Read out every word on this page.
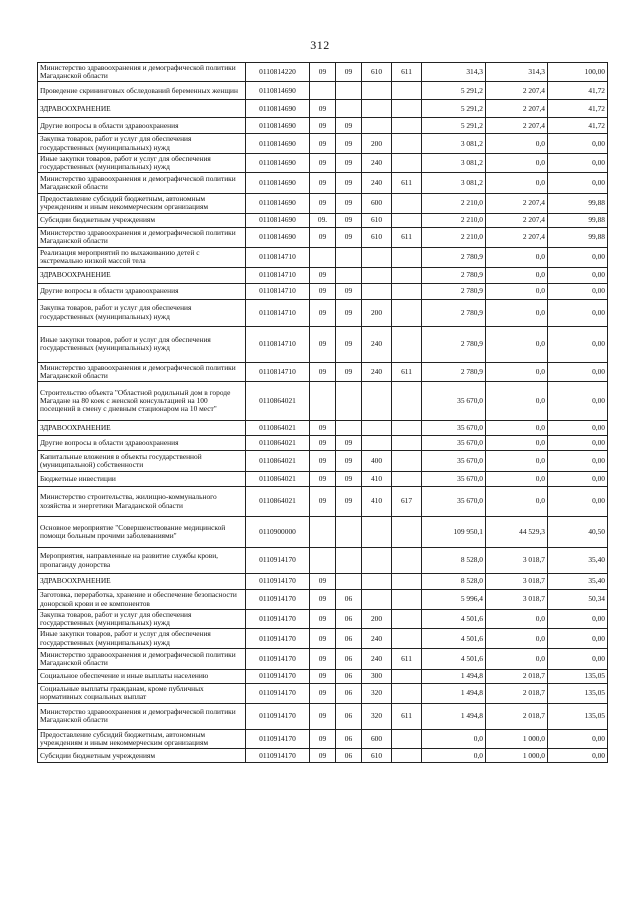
312
Министерство здравоохранения и демографической политики Магаданской области	0110814220	09	09	610	611	314,3	314,3	100,00
Проведение скрининговых обследований беременных женщин	0110814690					5 291,2	2 207,4	41,72
ЗДРАВООХРАНЕНИЕ	0110814690	09				5 291,2	2 207,4	41,72
Другие вопросы в области здравоохранения	0110814690	09	09			5 291,2	2 207,4	41,72
Закупка товаров, работ и услуг для обеспечения государственных (муниципальных) нужд	0110814690	09	09	200		3 081,2	0,0	0,00
Иные закупки товаров, работ и услуг для обеспечения государственных (муниципальных) нужд	0110814690	09	09	240		3 081,2	0,0	0,00
Министерство здравоохранения и демографической политики Магаданской области	0110814690	09	09	240	611	3 081,2	0,0	0,00
Предоставление субсидий бюджетным, автономным учреждениям и иным некоммерческим организациям	0110814690	09	09	600		2 210,0	2 207,4	99,88
Субсидии бюджетным учреждениям	0110814690	09.	09	610		2 210,0	2 207,4	99,88
Министерство здравоохранения и демографической политики Магаданской области	0110814690	09	09	610	611	2 210,0	2 207,4	99,88
Реализация мероприятий по выхаживанию детей с экстремально низкой массой тела	0110814710					2 780,9	0,0	0,00
ЗДРАВООХРАНЕНИЕ	0110814710	09				2 780,9	0,0	0,00
Другие вопросы в области здравоохранения	0110814710	09	09			2 780,9	0,0	0,00
Закупка товаров, работ и услуг для обеспечения государственных (муниципальных) нужд	0110814710	09	09	200		2 780,9	0,0	0,00
Иные закупки товаров, работ и услуг для обеспечения государственных (муниципальных) нужд	0110814710	09	09	240		2 780,9	0,0	0,00
Министерство здравоохранения и демографической политики Магаданской области	0110814710	09	09	240	611	2 780,9	0,0	0,00
Строительство объекта "Областной родильный дом в городе Магадане на 80 коек с женской консультацией на 100 посещений в смену с дневным стационаром на 10 мест"	0110864021					35 670,0	0,0	0,00
ЗДРАВООХРАНЕНИЕ	0110864021	09				35 670,0	0,0	0,00
Другие вопросы в области здравоохранения	0110864021	09	09			35 670,0	0,0	0,00
Капитальные вложения в объекты государственной (муниципальной) собственности	0110864021	09	09	400		35 670,0	0,0	0,00
Бюджетные инвестиции	0110864021	09	09	410		35 670,0	0,0	0,00
Министерство строительства, жилищно-коммунального хозяйства и энергетики Магаданской области	0110864021	09	09	410	617	35 670,0	0,0	0,00
Основное мероприятие "Совершенствование медицинской помощи больным прочими заболеваниями"	0110900000					109 950,1	44 529,3	40,50
Мероприятия, направленные на развитие службы крови, пропаганду донорства	0110914170					8 528,0	3 018,7	35,40
ЗДРАВООХРАНЕНИЕ	0110914170	09				8 528,0	3 018,7	35,40
Заготовка, переработка, хранение и обеспечение безопасности донорской крови и ее компонентов	0110914170	09	06			5 996,4	3 018,7	50,34
Закупка товаров, работ и услуг для обеспечения государственных (муниципальных) нужд	0110914170	09	06	200		4 501,6	0,0	0,00
Иные закупки товаров, работ и услуг для обеспечения государственных (муниципальных) нужд	0110914170	09	06	240		4 501,6	0,0	0,00
Министерство здравоохранения и демографической политики Магаданской области	0110914170	09	06	240	611	4 501,6	0,0	0,00
Социальное обеспечение и иные выплаты населению	0110914170	09	06	300		1 494,8	2 018,7	135,05
Социальные выплаты гражданам, кроме публичных нормативных социальных выплат	0110914170	09	06	320		1 494,8	2 018,7	135,05
Министерство здравоохранения и демографической политики Магаданской области	0110914170	09	06	320	611	1 494,8	2 018,7	135,05
Предоставление субсидий бюджетным, автономным учреждениям и иным некоммерческим организациям	0110914170	09	06	600		0,0	1 000,0	0,00
Субсидии бюджетным учреждениям	0110914170	09	06	610		0,0	1 000,0	0,00
